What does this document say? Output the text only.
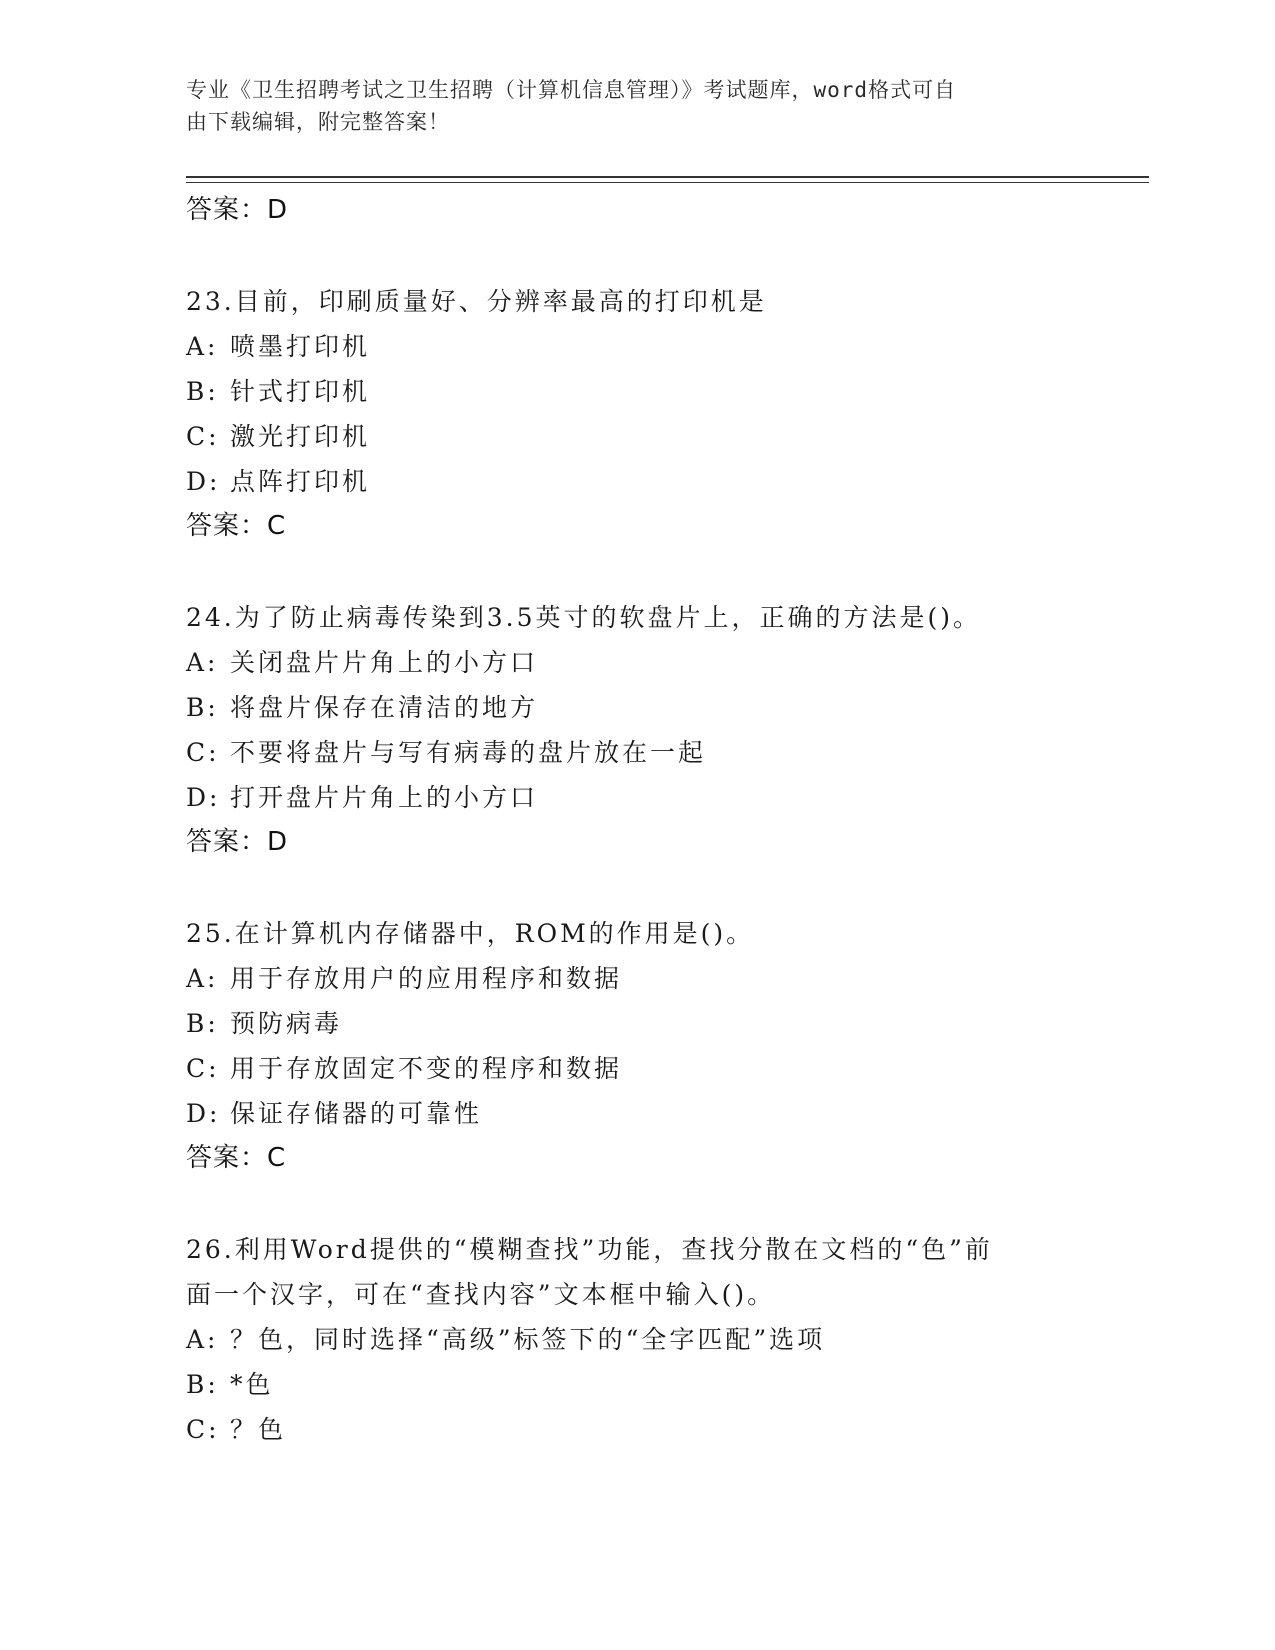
专业《卫生招聘考试之卫生招聘（计算机信息管理）》考试题库，word格式可自
由下载编辑，附完整答案！
答案：D
23.目前，印刷质量好、分辨率最高的打印机是
A: 喷墨打印机
B: 针式打印机
C: 激光打印机
D: 点阵打印机
答案：C
24.为了防止病毒传染到3.5英寸的软盘片上，正确的方法是()。
A: 关闭盘片片角上的小方口
B: 将盘片保存在清洁的地方
C: 不要将盘片与写有病毒的盘片放在一起
D: 打开盘片片角上的小方口
答案：D
25.在计算机内存储器中，ROM的作用是()。
A: 用于存放用户的应用程序和数据
B: 预防病毒
C: 用于存放固定不变的程序和数据
D: 保证存储器的可靠性
答案：C
26.利用Word提供的“模糊查找”功能，查找分散在文档的“色”前
面一个汉字，可在“查找内容”文本框中输入()。
A: ？色，同时选择“高级”标签下的“全字匹配”选项
B: *色
C: ？色
